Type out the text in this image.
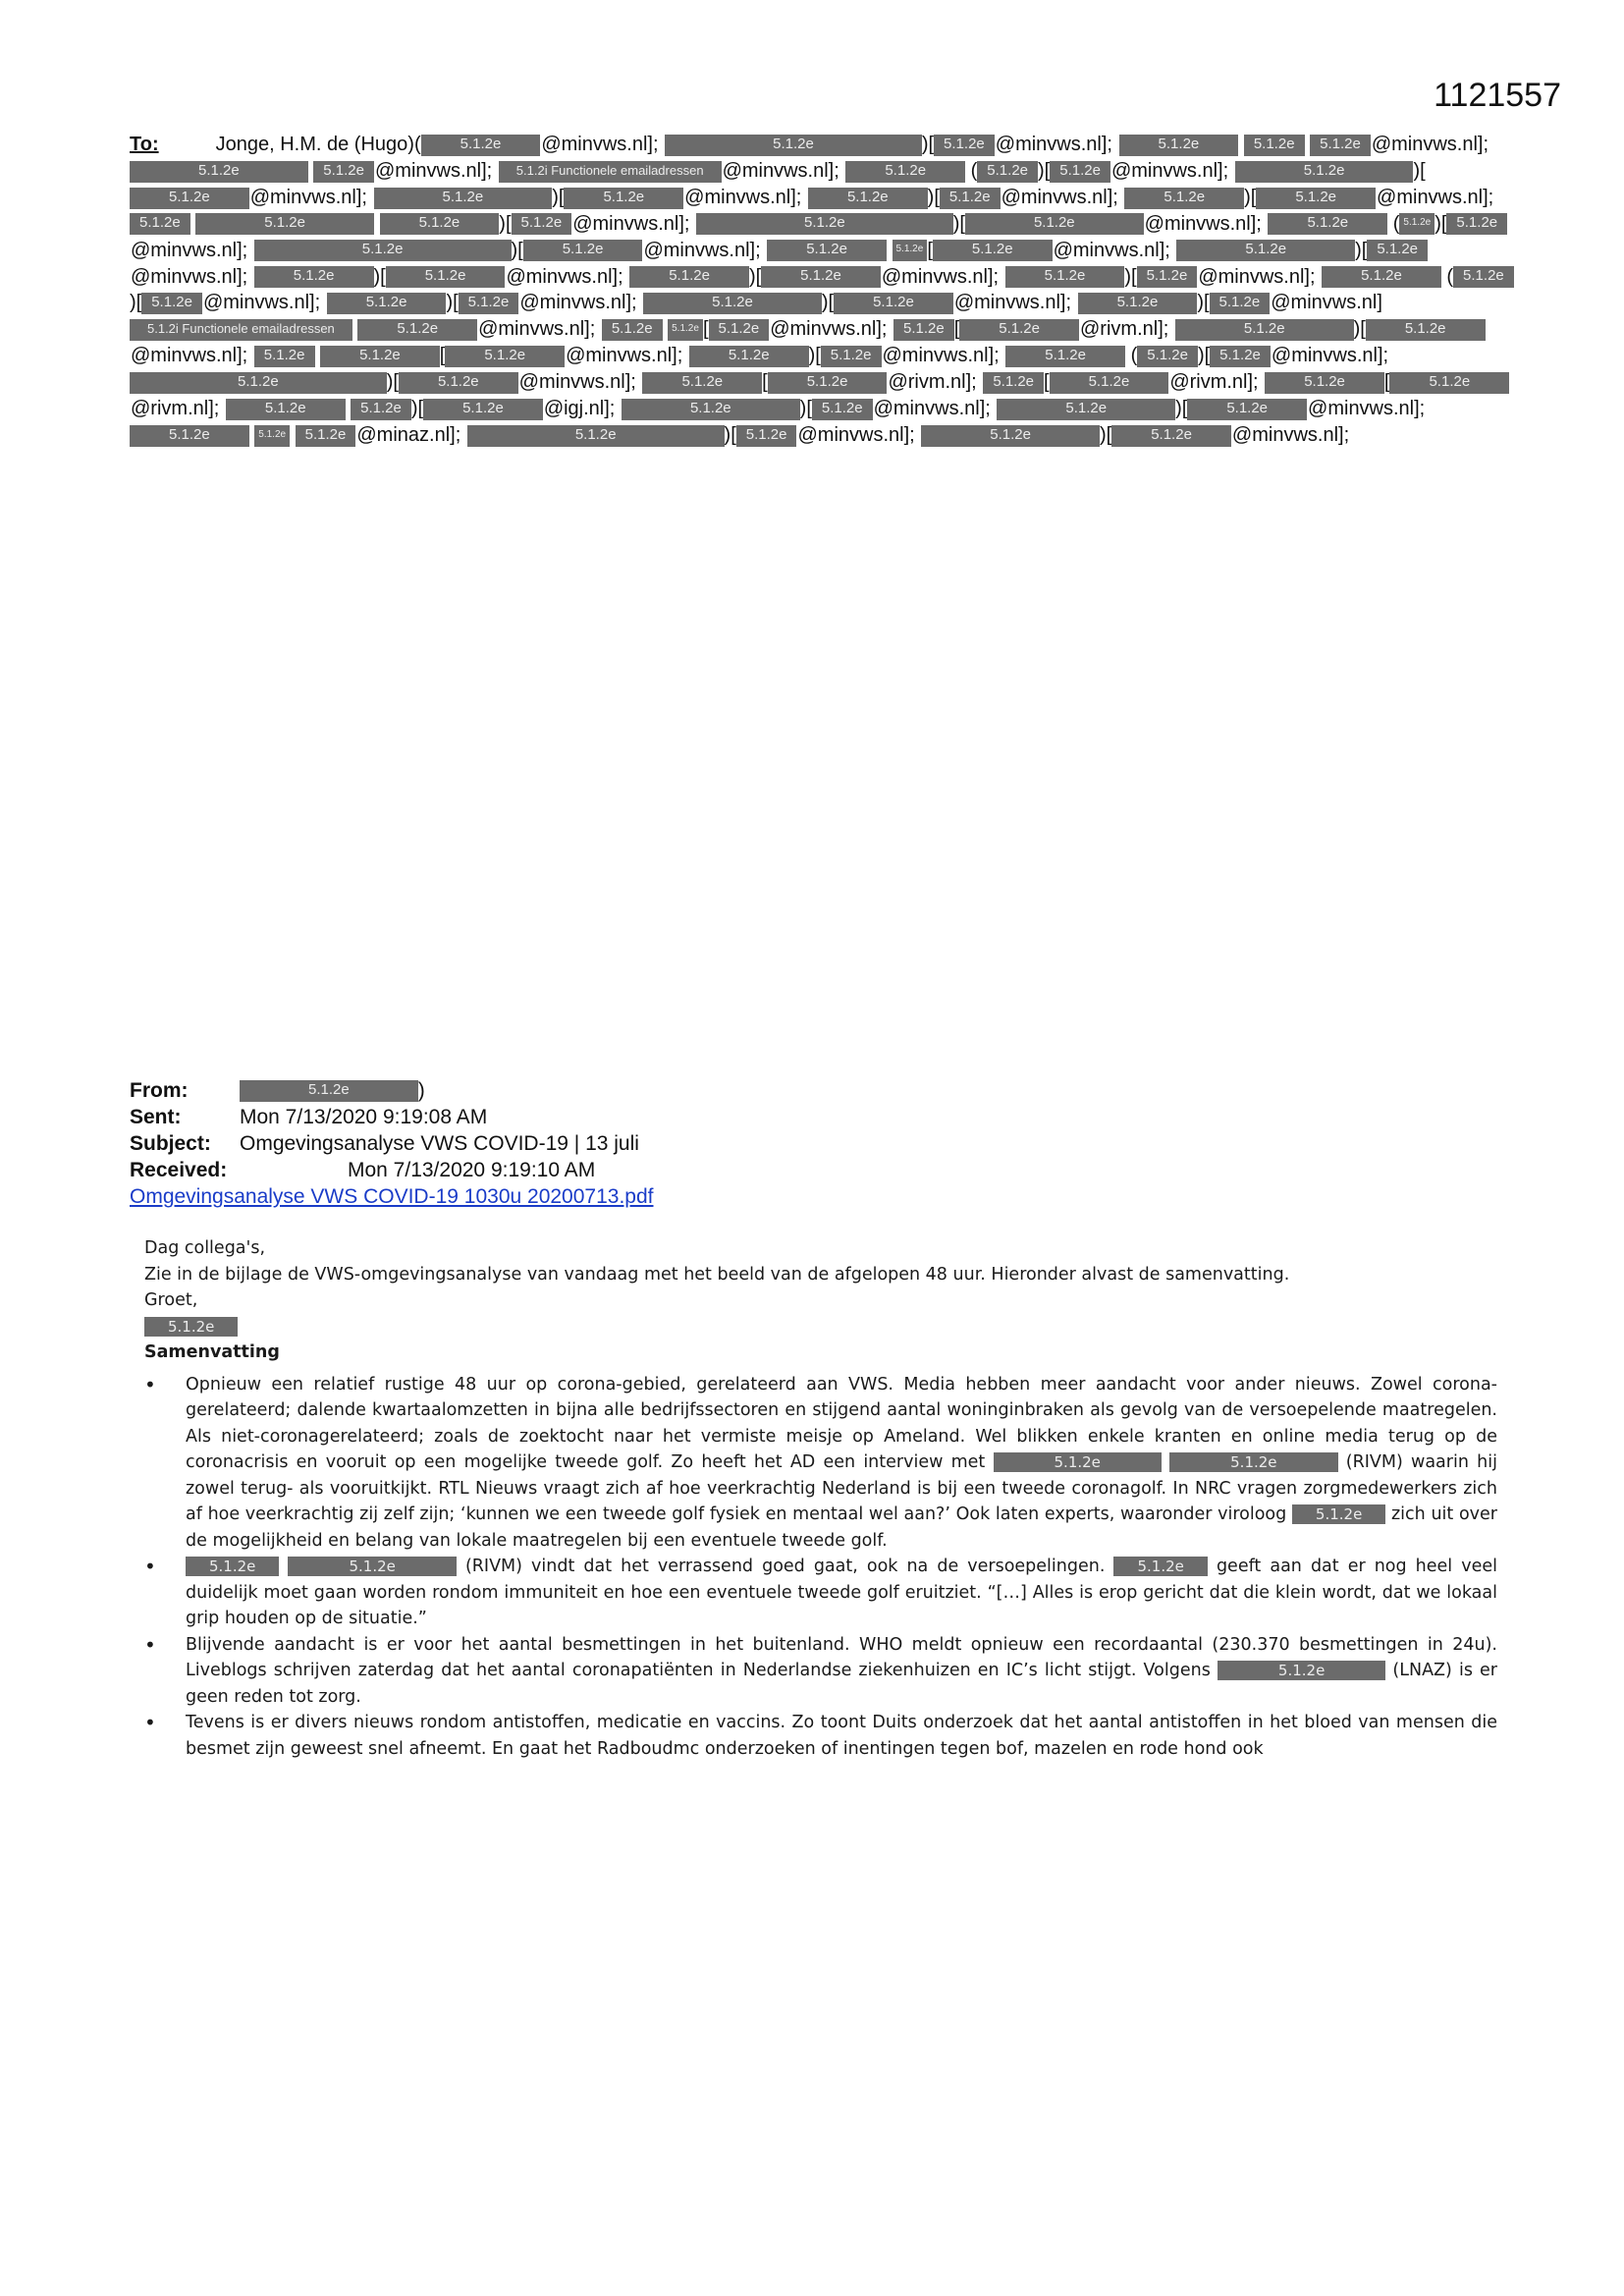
1121557
To:	Jonge, H.M. de (Hugo)(	5.1.2e @minvws.nl];	5.1.2e	)[ 5.1.2e @minvws.nl];	5.1.2e	5.1.2e 5.1.2e @minvws.nl]; 5.1.2e	5.1.2e @minvws.nl]; 5.1.2i Functionele emailadressen @minvws.nl];	5.1.2e ( 5.1.2e )[ 5.1.2e @minvws.nl];	5.1.2e	)[5.1.2e @minvws.nl];	5.1.2e	)[	5.1.2e @minvws.nl];	5.1.2e )[ 5.1.2e @minvws.nl];	5.1.2e )[	5.1.2e @minvws.nl]; 5.1.2e	5.1.2e	5.1.2e )[ 5.1.2e @minvws.nl];	5.1.2e	)[	5.1.2e	@minvws.nl];	5.1.2e ( 5.1.2e )[ 5.1.2e@minvws.nl];	5.1.2e	)[	5.1.2e @minvws.nl];	5.1.2e	5.1.2e [	5.1.2e @minvws.nl];	5.1.2e	)[ 5.1.2e@minvws.nl];	5.1.2e )[	5.1.2e @minvws.nl];	5.1.2e )[	5.1.2e @minvws.nl];	5.1.2e )[ 5.1.2e @minvws.nl];	5.1.2e ( 5.1.2e)[ 5.1.2e @minvws.nl];	5.1.2e )[ 5.1.2e @minvws.nl];	5.1.2e	)[	5.1.2e @minvws.nl];	5.1.2e )[ 5.1.2e @minvws.nl] 5.1.2i Functionele emailadressen	5.1.2e @minvws.nl]; 5.1.2e 5.1.2e [ 5.1.2e @minvws.nl]; 5.1.2e [	5.1.2e @rivm.nl];	5.1.2e	)[	5.1.2e@minvws.nl]; 5.1.2e	5.1.2e [	5.1.2e @minvws.nl];	5.1.2e )[ 5.1.2e @minvws.nl];	5.1.2e ( 5.1.2e )[ 5.1.2e @minvws.nl]; 5.1.2e	)[	5.1.2e @minvws.nl];	5.1.2e [	5.1.2e @rivm.nl]; 5.1.2e [	5.1.2e @rivm.nl];	5.1.2e [	5.1.2e@rivm.nl];	5.1.2e	5.1.2e )[	5.1.2e @igj.nl];	5.1.2e	)[ 5.1.2e @minvws.nl];	5.1.2e	)[	5.1.2e @minvws.nl]; 5.1.2e	5.1.2e 5.1.2e @minaz.nl];	5.1.2e	)[ 5.1.2e @minvws.nl];	5.1.2e	)[	5.1.2e @minvws.nl];
From:	5.1.2e	)
Sent:	Mon 7/13/2020 9:19:08 AM
Subject:	Omgevingsanalyse VWS COVID-19 | 13 juli
Received:	Mon 7/13/2020 9:19:10 AM
Omgevingsanalyse VWS COVID-19 1030u 20200713.pdf

Dag collega's,

Zie in de bijlage de VWS-omgevingsanalyse van vandaag met het beeld van de afgelopen 48 uur. Hieronder alvast de samenvatting.

Groet,

5.1.2e

Samenvatting

• Opnieuw een relatief rustige 48 uur op corona-gebied, gerelateerd aan VWS. Media hebben meer aandacht voor ander nieuws. Zowel corona-gerelateerd; dalende kwartaalomzetten in bijna alle bedrijfssectoren en stijgend aantal woninginbraken als gevolg van de versoepelende maatregelen. Als niet-coronagerelateerd; zoals de zoektocht naar het vermiste meisje op Ameland. Wel blikken enkele kranten en online media terug op de coronacrisis en vooruit op een mogelijke tweede golf. Zo heeft het AD een interview met	5.1.2e	5.1.2e	(RIVM) waarin hij zowel terug- als vooruitkijkt. RTL Nieuws vraagt zich af hoe veerkrachtig Nederland is bij een tweede coronagolf. In NRC vragen zorgmedewerkers zich af hoe veerkrachtig zij zelf zijn; ‘kunnen we een tweede golf fysiek en mentaal wel aan?’ Ook laten experts, waaronder viroloog 5.1.2e zich uit over de mogelijkheid en belang van lokale maatregelen bij een eventuele tweede golf.
• 5.1.2e	5.1.2e	(RIVM) vindt dat het verrassend goed gaat, ook na de versoepelingen. 5.1.2e geeft aan dat er nog heel veel duidelijk moet gaan worden rondom immuniteit en hoe een eventuele tweede golf eruitziet. “[…] Alles is erop gericht dat die klein wordt, dat we lokaal grip houden op de situatie.”
• Blijvende aandacht is er voor het aantal besmettingen in het buitenland. WHO meldt opnieuw een recordaantal (230.370 besmettingen in 24u). Liveblogs schrijven zaterdag dat het aantal coronapatiënten in Nederlandse ziekenhuizen en IC’s licht stijgt. Volgens	5.1.2e	(LNAZ) is er geen reden tot zorg.
• Tevens is er divers nieuws rondom antistoffen, medicatie en vaccins. Zo toont Duits onderzoek dat het aantal antistoffen in het bloed van mensen die besmet zijn geweest snel afneemt. En gaat het Radboudmc onderzoeken of inentingen tegen bof, mazelen en rode hond ook
